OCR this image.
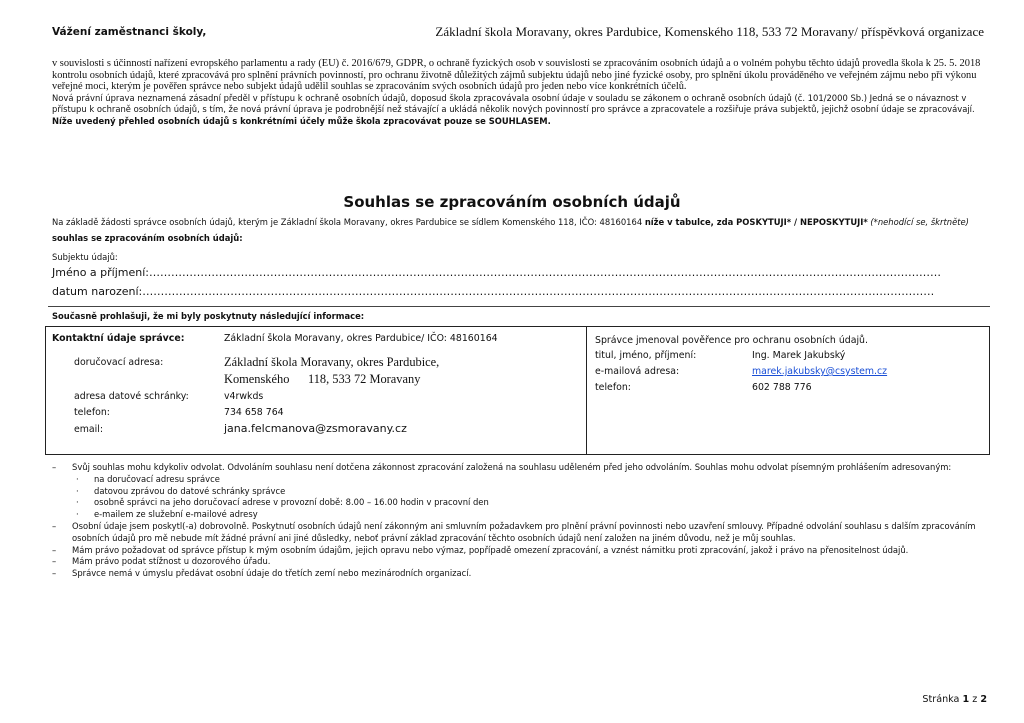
Vážení zaměstnanci školy,	Základní škola Moravany, okres Pardubice, Komenského 118, 533 72 Moravany/ příspěvková organizace

v souvislosti s účinností nařízení evropského parlamentu a rady (EU) č. 2016/679, GDPR, o ochraně fyzických osob v souvislosti se zpracováním osobních údajů a o volném pohybu těchto údajů provedla škola k 25. 5. 2018 kontrolu osobních údajů, které zpracovává pro splnění právních povinností, pro ochranu životně důležitých zájmů subjektu údajů nebo jiné fyzické osoby, pro splnění úkolu prováděného ve veřejném zájmu nebo při výkonu veřejné moci, kterým je pověřen správce nebo subjekt údajů udělil souhlas se zpracováním svých osobních údajů pro jeden nebo více konkrétních účelů.

Nová právní úprava neznamená zásadní předěl v přístupu k ochraně osobních údajů, doposud škola zpracovávala osobní údaje v souladu se zákonem o ochraně osobních údajů (č. 101/2000 Sb.) Jedná se o návaznost v přístupu k ochraně osobních údajů, s tím, že nová právní úprava je podrobnější než stávající a ukládá několik nových povinností pro správce a zpracovatele a rozšiřuje práva subjektů, jejichž osobní údaje se zpracovávají.

Níže uvedený přehled osobních údajů s konkrétními účely může škola zpracovávat pouze se SOUHLASEM.

Souhlas se zpracováním osobních údajů
Na základě žádosti správce osobních údajů, kterým je Základní škola Moravany, okres Pardubice se sídlem Komenského 118, IČO: 48160164 níže v tabulce, zda POSKYTUJI* / NEPOSKYTUJI* (*nehodící se, škrtněte) souhlas se zpracováním osobních údajů:
Subjektu údajů:
Jméno a příjmení:………………………………………………………………………………………………………………………………………………………………………………………………
datum narození:………………………………………………………………………………………………………………………………………………………………………………………………
Současně prohlašuji, že mi byly poskytnuty následující informace:
Kontaktní údaje správce:	Základní škola Moravany, okres Pardubice/ IČO: 48160164
doručovací adresa:	Základní škola Moravany, okres Pardubice,
Komenského      118, 533 72 Moravany
adresa datové schránky:	v4rwkds
telefon:	734 658 764
email:	jana.felcmanova@zsmoravany.cz
Správce jmenoval pověřence pro ochranu osobních údajů.
titul, jméno, příjmení:	Ing. Marek Jakubský
e-mailová adresa:	marek.jakubsky@csystem.cz
telefon:	602 788 776
– Svůj souhlas mohu kdykoliv odvolat. Odvoláním souhlasu není dotčena zákonnost zpracování založená na souhlasu uděleném před jeho odvoláním. Souhlas mohu odvolat písemným prohlášením adresovaným:
· na doručovací adresu správce
· datovou zprávou do datové schránky správce
· osobně správci na jeho doručovací adrese v provozní době: 8.00 – 16.00 hodin v pracovní den
· e-mailem ze služební e-mailové adresy
– Osobní údaje jsem poskytl(-a) dobrovolně. Poskytnutí osobních údajů není zákonným ani smluvním požadavkem pro plnění právní povinnosti nebo uzavření smlouvy. Případné odvolání souhlasu s dalším zpracováním osobních údajů pro mě nebude mít žádné právní ani jiné důsledky, neboť právní základ zpracování těchto osobních údajů není založen na jiném důvodu, než je můj souhlas.
– Mám právo požadovat od správce přístup k mým osobním údajům, jejich opravu nebo výmaz, popřípadě omezení zpracování, a vznést námitku proti zpracování, jakož i právo na přenositelnost údajů.
– Mám právo podat stížnost u dozorového úřadu.
– Správce nemá v úmyslu předávat osobní údaje do třetích zemí nebo mezinárodních organizací.
Stránka 1 z 2
